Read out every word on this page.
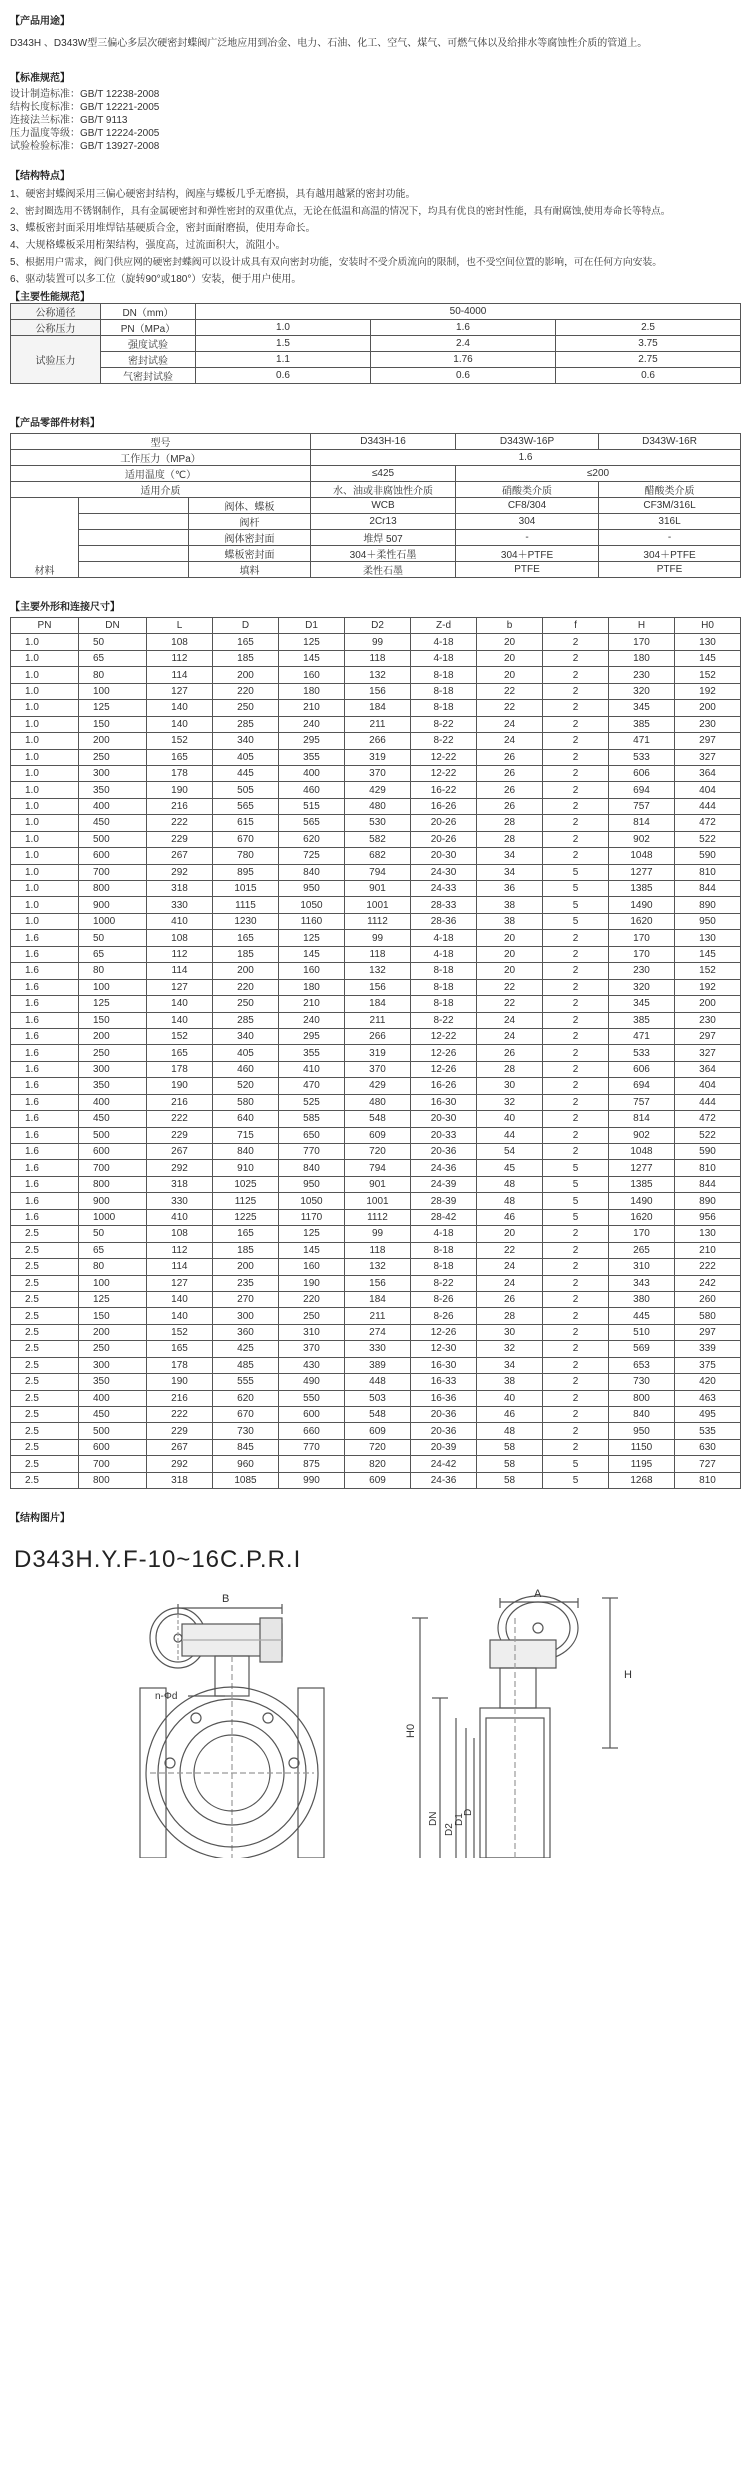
【产品用途】
D343H 、D343W型三偏心多层次硬密封蝶阀广泛地应用到冶金、电力、石油、化工、空气、煤气、可燃气体以及给排水等腐蚀性介质的管道上。
【标准规范】
设计制造标准：GB/T 12238-2008
结构长度标准：GB/T 12221-2005
连接法兰标准：GB/T 9113
压力温度等级：GB/T 12224-2005
试验检验标准：GB/T 13927-2008
【结构特点】
1、硬密封蝶阀采用三偏心硬密封结构，阀座与蝶板几乎无磨损，具有越用越紧的密封功能。
2、密封圈选用不锈钢制作，具有金属硬密封和弹性密封的双重优点，无论在低温和高温的情况下，均具有优良的密封性能，具有耐腐蚀,使用寿命长等特点。
3、蝶板密封面采用堆焊钴基硬质合金，密封面耐磨损，使用寿命长。
4、大规格蝶板采用桁架结构，强度高，过流面积大，流阻小。
5、根据用户需求，阀门供应网的硬密封蝶阀可以设计成具有双向密封功能，安装时不受介质流向的限制，也不受空间位置的影响，可在任何方向安装。
6、驱动装置可以多工位（旋转90°或180°）安装，便于用户使用。
【主要性能规范】
公称通径	DN（mm）	50-4000		
公称压力	PN（MPa）	1.0	1.6	2.5
试验压力	强度试验	1.5	2.4	3.75
	密封试验	1.1	1.76	2.75
	气密封试验	0.6	0.6	0.6
【产品零部件材料】
型号			D343H-16	D343W-16P	D343W-16R
工作压力（MPa）			1.6		
适用温度（℃）			≤425	≤200	
适用介质			水、油或非腐蚀性介质	硝酸类介质	醋酸类介质
材料		阀体、蝶板	WCB	CF8/304	CF3M/316L
		阀杆	2Cr13	304	316L
		阀体密封面	堆焊 507	-	-
		蝶板密封面	304＋柔性石墨	304＋PTFE	304＋PTFE
		填料	柔性石墨	PTFE	PTFE
【主要外形和连接尺寸】
PN	DN	L	D	D1	D2	Z-d	b	f	H	H0
1.0	50	108	165	125	99	4-18	20	2	170	130
1.0	65	112	185	145	118	4-18	20	2	180	145
1.0	80	114	200	160	132	8-18	20	2	230	152
1.0	100	127	220	180	156	8-18	22	2	320	192
1.0	125	140	250	210	184	8-18	22	2	345	200
1.0	150	140	285	240	211	8-22	24	2	385	230
1.0	200	152	340	295	266	8-22	24	2	471	297
1.0	250	165	405	355	319	12-22	26	2	533	327
1.0	300	178	445	400	370	12-22	26	2	606	364
1.0	350	190	505	460	429	16-22	26	2	694	404
1.0	400	216	565	515	480	16-26	26	2	757	444
1.0	450	222	615	565	530	20-26	28	2	814	472
1.0	500	229	670	620	582	20-26	28	2	902	522
1.0	600	267	780	725	682	20-30	34	2	1048	590
1.0	700	292	895	840	794	24-30	34	5	1277	810
1.0	800	318	1015	950	901	24-33	36	5	1385	844
1.0	900	330	1115	1050	1001	28-33	38	5	1490	890
1.0	1000	410	1230	1160	1112	28-36	38	5	1620	950
1.6	50	108	165	125	99	4-18	20	2	170	130
1.6	65	112	185	145	118	4-18	20	2	170	145
1.6	80	114	200	160	132	8-18	20	2	230	152
1.6	100	127	220	180	156	8-18	22	2	320	192
1.6	125	140	250	210	184	8-18	22	2	345	200
1.6	150	140	285	240	211	8-22	24	2	385	230
1.6	200	152	340	295	266	12-22	24	2	471	297
1.6	250	165	405	355	319	12-26	26	2	533	327
1.6	300	178	460	410	370	12-26	28	2	606	364
1.6	350	190	520	470	429	16-26	30	2	694	404
1.6	400	216	580	525	480	16-30	32	2	757	444
1.6	450	222	640	585	548	20-30	40	2	814	472
1.6	500	229	715	650	609	20-33	44	2	902	522
1.6	600	267	840	770	720	20-36	54	2	1048	590
1.6	700	292	910	840	794	24-36	45	5	1277	810
1.6	800	318	1025	950	901	24-39	48	5	1385	844
1.6	900	330	1125	1050	1001	28-39	48	5	1490	890
1.6	1000	410	1225	1170	1112	28-42	46	5	1620	956
2.5	50	108	165	125	99	4-18	20	2	170	130
2.5	65	112	185	145	118	8-18	22	2	265	210
2.5	80	114	200	160	132	8-18	24	2	310	222
2.5	100	127	235	190	156	8-22	24	2	343	242
2.5	125	140	270	220	184	8-26	26	2	380	260
2.5	150	140	300	250	211	8-26	28	2	445	580
2.5	200	152	360	310	274	12-26	30	2	510	297
2.5	250	165	425	370	330	12-30	32	2	569	339
2.5	300	178	485	430	389	16-30	34	2	653	375
2.5	350	190	555	490	448	16-33	38	2	730	420
2.5	400	216	620	550	503	16-36	40	2	800	463
2.5	450	222	670	600	548	20-36	46	2	840	495
2.5	500	229	730	660	609	20-36	48	2	950	535
2.5	600	267	845	770	720	20-39	58	2	1150	630
2.5	700	292	960	875	820	24-42	58	5	1195	727
2.5	800	318	1085	990	609	24-36	58	5	1268	810
【结构图片】
D343H.Y.F-10~16C.P.R.I
B	A
n-Φd
H0
H
DN
D2
D1
D
